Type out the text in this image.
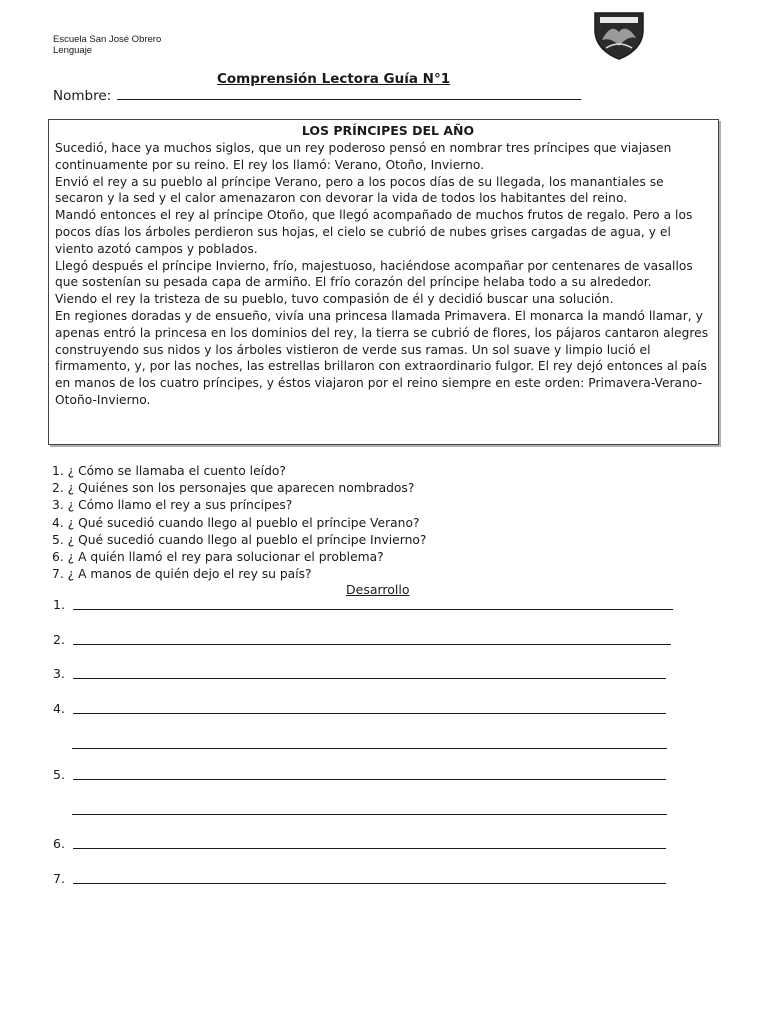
Escuela San José Obrero
Lenguaje
Comprensión Lectora Guía N°1
Nombre:
LOS PRÍNCIPES DEL AÑO

Sucedió, hace ya muchos siglos, que un rey poderoso pensó en nombrar tres príncipes que viajasen continuamente por su reino. El rey los llamó: Verano, Otoño, Invierno.

Envió el rey a su pueblo al príncipe Verano, pero a los pocos días de su llegada, los manantiales se secaron y la sed y el calor amenazaron con devorar la vida de todos los habitantes del reino.

Mandó entonces el rey al príncipe Otoño, que llegó acompañado de muchos frutos de regalo. Pero a los pocos días los árboles perdieron sus hojas, el cielo se cubrió de nubes grises cargadas de agua, y el viento azotó campos y poblados.

Llegó después el príncipe Invierno, frío, majestuoso, haciéndose acompañar por centenares de vasallos que sostenían su pesada capa de armiño. El frío corazón del príncipe helaba todo a su alrededor.

Viendo el rey la tristeza de su pueblo, tuvo compasión de él y decidió buscar una solución.

En regiones doradas y de ensueño, vivía una princesa llamada Primavera. El monarca la mandó llamar, y apenas entró la princesa en los dominios del rey, la tierra se cubrió de flores, los pájaros cantaron alegres construyendo sus nidos y los árboles vistieron de verde sus ramas. Un sol suave y limpio lució el firmamento, y, por las noches, las estrellas brillaron con extraordinario fulgor. El rey dejó entonces al país en manos de los cuatro príncipes, y éstos viajaron por el reino siempre en este orden: Primavera-Verano-Otoño-Invierno.

1. ¿ Cómo se llamaba el cuento leído?
2. ¿ Quiénes son los personajes que aparecen nombrados?
3. ¿ Cómo llamo el rey a sus príncipes?
4. ¿ Qué sucedió cuando llego al pueblo el príncipe Verano?
5. ¿ Qué sucedió cuando llego al pueblo el príncipe Invierno?
6. ¿ A quién llamó el rey para solucionar el problema?
7. ¿ A manos de quién dejo el rey su país?
Desarrollo
1.
2.
3.
4.
5.
6.
7.
